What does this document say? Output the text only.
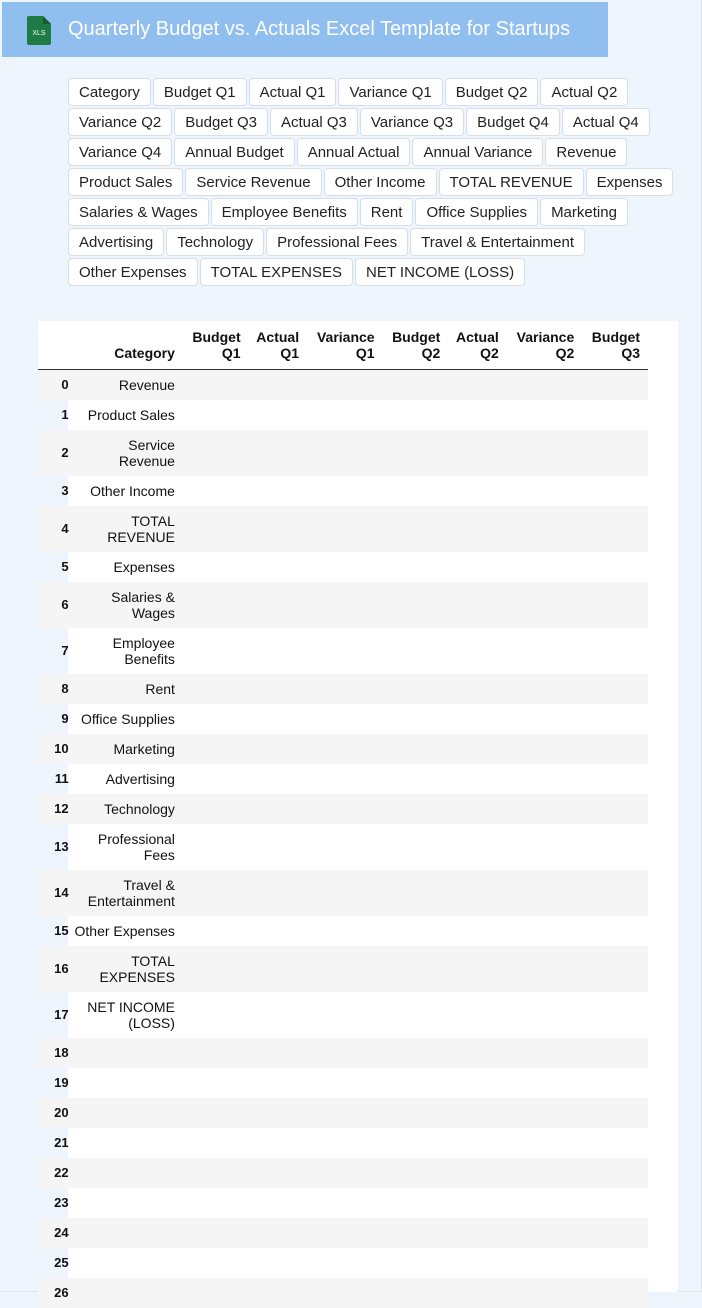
XLS Quarterly Budget vs. Actuals Excel Template for Startups
Category	Budget Q1	Actual Q1	Variance Q1	Budget Q2	Actual Q2
Variance Q2	Budget Q3	Actual Q3	Variance Q3	Budget Q4	Actual Q4
Variance Q4	Annual Budget	Annual Actual	Annual Variance	Revenue
Product Sales	Service Revenue	Other Income	TOTAL REVENUE	Expenses
Salaries & Wages	Employee Benefits	Rent	Office Supplies	Marketing
Advertising	Technology	Professional Fees	Travel & Entertainment
Other Expenses	TOTAL EXPENSES	NET INCOME (LOSS)
	Category	Budget Q1	Actual Q1	Variance Q1	Budget Q2	Actual Q2	Variance Q2	Budget Q3
0	Revenue							
1	Product Sales							
2	Service Revenue							
3	Other Income							
4	TOTAL REVENUE							
5	Expenses							
6	Salaries & Wages							
7	Employee Benefits							
8	Rent							
9	Office Supplies							
10	Marketing							
11	Advertising							
12	Technology							
13	Professional Fees							
14	Travel & Entertainment							
15	Other Expenses							
16	TOTAL EXPENSES							
17	NET INCOME (LOSS)							
18								
19								
20								
21								
22								
23								
24								
25								
26								
